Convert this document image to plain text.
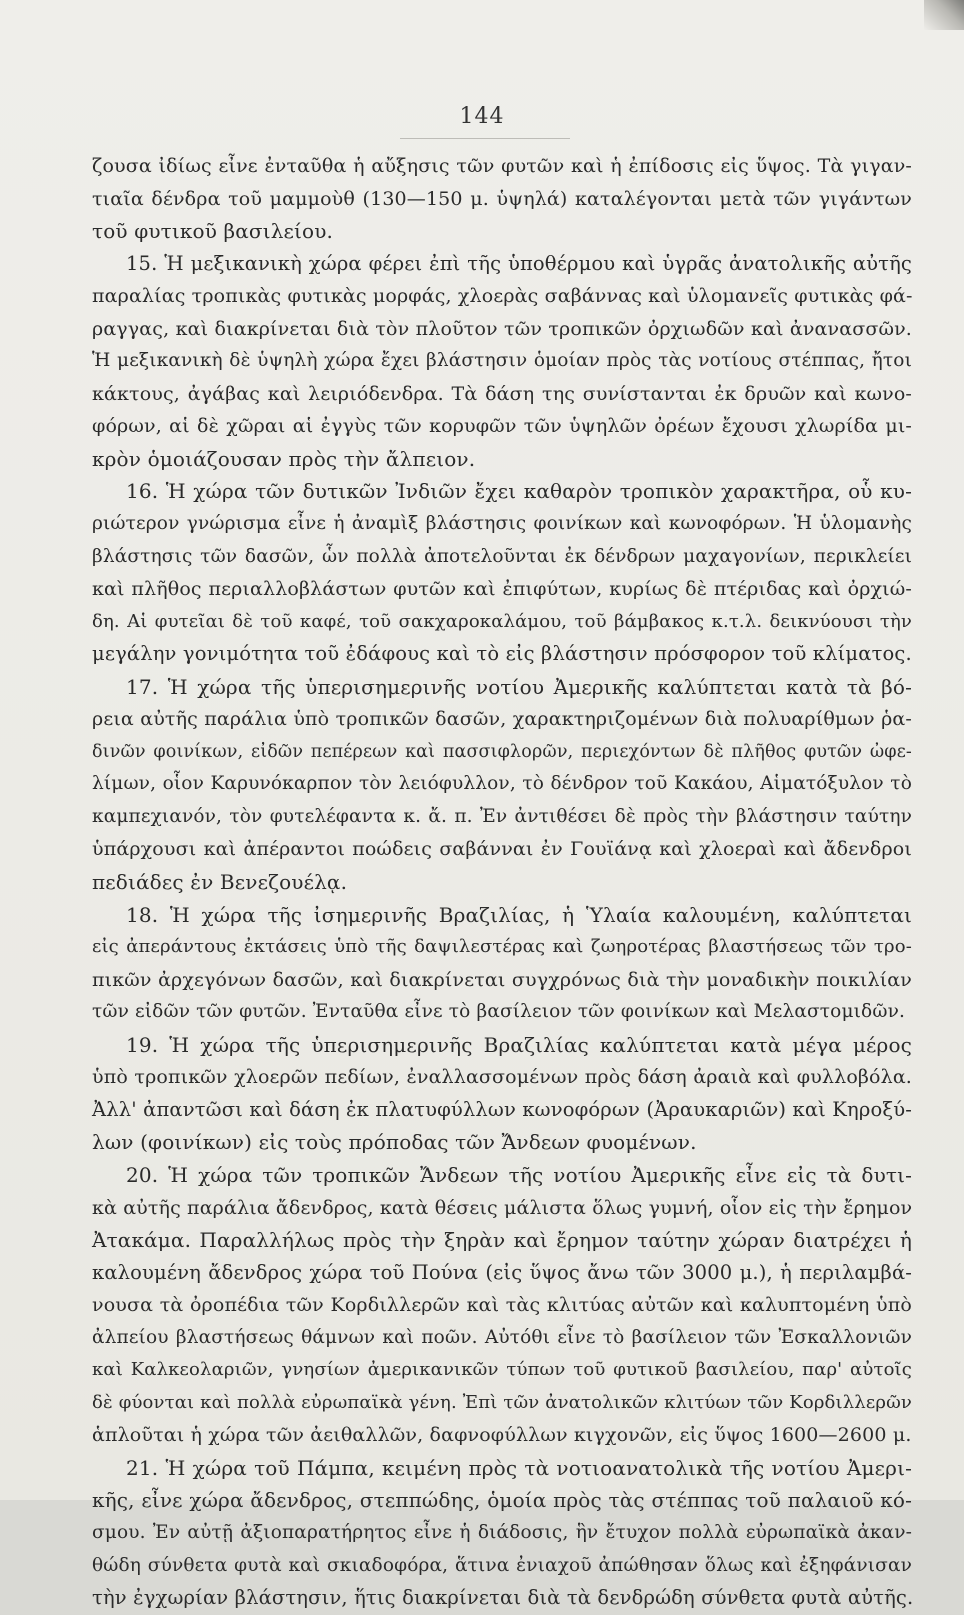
144
ζουσα ἰδίως εἶνε ἐνταῦθα ἡ αὔξησις τῶν φυτῶν καὶ ἡ ἐπίδοσις εἰς ὕψος. Τὰ γιγαν-
τιαῖα δένδρα τοῦ μαμμοὺθ (130—150 μ. ὑψηλά) καταλέγονται μετὰ τῶν γιγάντων
τοῦ φυτικοῦ βασιλείου.
15. Ἡ μεξικανικὴ χώρα φέρει ἐπὶ τῆς ὑποθέρμου καὶ ὑγρᾶς ἀνατολικῆς αὐτῆς
παραλίας τροπικὰς φυτικὰς μορφάς, χλοερὰς σαβάννας καὶ ὑλομανεῖς φυτικὰς φά-
ραγγας, καὶ διακρίνεται διὰ τὸν πλοῦτον τῶν τροπικῶν ὀρχιωδῶν καὶ ἀνανασσῶν.
Ἡ μεξικανικὴ δὲ ὑψηλὴ χώρα ἔχει βλάστησιν ὁμοίαν πρὸς τὰς νοτίους στέππας, ἤτοι
κάκτους, ἀγάβας καὶ λειριόδενδρα. Τὰ δάση της συνίστανται ἐκ δρυῶν καὶ κωνο-
φόρων, αἱ δὲ χῶραι αἱ ἐγγὺς τῶν κορυφῶν τῶν ὑψηλῶν ὀρέων ἔχουσι χλωρίδα μι-
κρὸν ὁμοιάζουσαν πρὸς τὴν ἄλπειον.
16. Ἡ χώρα τῶν δυτικῶν Ἰνδιῶν ἔχει καθαρὸν τροπικὸν χαρακτῆρα, οὗ κυ-
ριώτερον γνώρισμα εἶνε ἡ ἀναμὶξ βλάστησις φοινίκων καὶ κωνοφόρων. Ἡ ὑλομανὴς
βλάστησις τῶν δασῶν, ὧν πολλὰ ἀποτελοῦνται ἐκ δένδρων μαχαγονίων, περικλείει
καὶ πλῆθος περιαλλοβλάστων φυτῶν καὶ ἐπιφύτων, κυρίως δὲ πτέριδας καὶ ὀρχιώ-
δη. Αἱ φυτεῖαι δὲ τοῦ καφέ, τοῦ σακχαροκαλάμου, τοῦ βάμβακος κ.τ.λ. δεικνύουσι τὴν
μεγάλην γονιμότητα τοῦ ἐδάφους καὶ τὸ εἰς βλάστησιν πρόσφορον τοῦ κλίματος.
17. Ἡ χώρα τῆς ὑπερισημερινῆς νοτίου Ἀμερικῆς καλύπτεται κατὰ τὰ βό-
ρεια αὐτῆς παράλια ὑπὸ τροπικῶν δασῶν, χαρακτηριζομένων διὰ πολυαρίθμων ῥα-
δινῶν φοινίκων, εἰδῶν πεπέρεων καὶ πασσιφλορῶν, περιεχόντων δὲ πλῆθος φυτῶν ὠφε-
λίμων, οἷον Καρυνόκαρπον τὸν λειόφυλλον, τὸ δένδρον τοῦ Κακάου, Αἱματόξυλον τὸ
καμπεχιανόν, τὸν φυτελέφαντα κ. ἄ. π. Ἐν ἀντιθέσει δὲ πρὸς τὴν βλάστησιν ταύτην
ὑπάρχουσι καὶ ἀπέραντοι ποώδεις σαβάνναι ἐν Γουϊάνᾳ καὶ χλοεραὶ καὶ ἄδενδροι
πεδιάδες ἐν Βενεζουέλᾳ.
18. Ἡ χώρα τῆς ἰσημερινῆς Βραζιλίας, ἡ Ὑλαία καλουμένη, καλύπτεται
εἰς ἀπεράντους ἐκτάσεις ὑπὸ τῆς δαψιλεστέρας καὶ ζωηροτέρας βλαστήσεως τῶν τρο-
πικῶν ἀρχεγόνων δασῶν, καὶ διακρίνεται συγχρόνως διὰ τὴν μοναδικὴν ποικιλίαν
τῶν εἰδῶν τῶν φυτῶν. Ἐνταῦθα εἶνε τὸ βασίλειον τῶν φοινίκων καὶ Μελαστομιδῶν.
19. Ἡ χώρα τῆς ὑπερισημερινῆς Βραζιλίας καλύπτεται κατὰ μέγα μέρος
ὑπὸ τροπικῶν χλοερῶν πεδίων, ἐναλλασσομένων πρὸς δάση ἀραιὰ καὶ φυλλοβόλα.
Ἀλλ' ἀπαντῶσι καὶ δάση ἐκ πλατυφύλλων κωνοφόρων (Ἀραυκαριῶν) καὶ Κηροξύ-
λων (φοινίκων) εἰς τοὺς πρόποδας τῶν Ἄνδεων φυομένων.
20. Ἡ χώρα τῶν τροπικῶν Ἄνδεων τῆς νοτίου Ἀμερικῆς εἶνε εἰς τὰ δυτι-
κὰ αὐτῆς παράλια ἄδενδρος, κατὰ θέσεις μάλιστα ὅλως γυμνή, οἷον εἰς τὴν ἔρημον
Ἀτακάμα. Παραλλήλως πρὸς τὴν ξηρὰν καὶ ἔρημον ταύτην χώραν διατρέχει ἡ
καλουμένη ἄδενδρος χώρα τοῦ Πούνα (εἰς ὕψος ἄνω τῶν 3000 μ.), ἡ περιλαμβά-
νουσα τὰ ὀροπέδια τῶν Κορδιλλερῶν καὶ τὰς κλιτύας αὐτῶν καὶ καλυπτομένη ὑπὸ
ἀλπείου βλαστήσεως θάμνων καὶ ποῶν. Αὐτόθι εἶνε τὸ βασίλειον τῶν Ἐσκαλλονιῶν
καὶ Καλκεολαριῶν, γνησίων ἀμερικανικῶν τύπων τοῦ φυτικοῦ βασιλείου, παρ' αὐτοῖς
δὲ φύονται καὶ πολλὰ εὐρωπαϊκὰ γένη. Ἐπὶ τῶν ἀνατολικῶν κλιτύων τῶν Κορδιλλερῶν
ἁπλοῦται ἡ χώρα τῶν ἀειθαλλῶν, δαφνοφύλλων κιγχονῶν, εἰς ὕψος 1600—2600 μ.
21. Ἡ χώρα τοῦ Πάμπα, κειμένη πρὸς τὰ νοτιοανατολικὰ τῆς νοτίου Ἀμερι-
κῆς, εἶνε χώρα ἄδενδρος, στεππώδης, ὁμοία πρὸς τὰς στέππας τοῦ παλαιοῦ κό-
σμου. Ἐν αὐτῇ ἀξιοπαρατήρητος εἶνε ἡ διάδοσις, ἣν ἔτυχον πολλὰ εὐρωπαϊκὰ ἀκαν-
θώδη σύνθετα φυτὰ καὶ σκιαδοφόρα, ἅτινα ἐνιαχοῦ ἀπώθησαν ὅλως καὶ ἐξηφάνισαν
τὴν ἐγχωρίαν βλάστησιν, ἥτις διακρίνεται διὰ τὰ δενδρώδη σύνθετα φυτὰ αὐτῆς.
